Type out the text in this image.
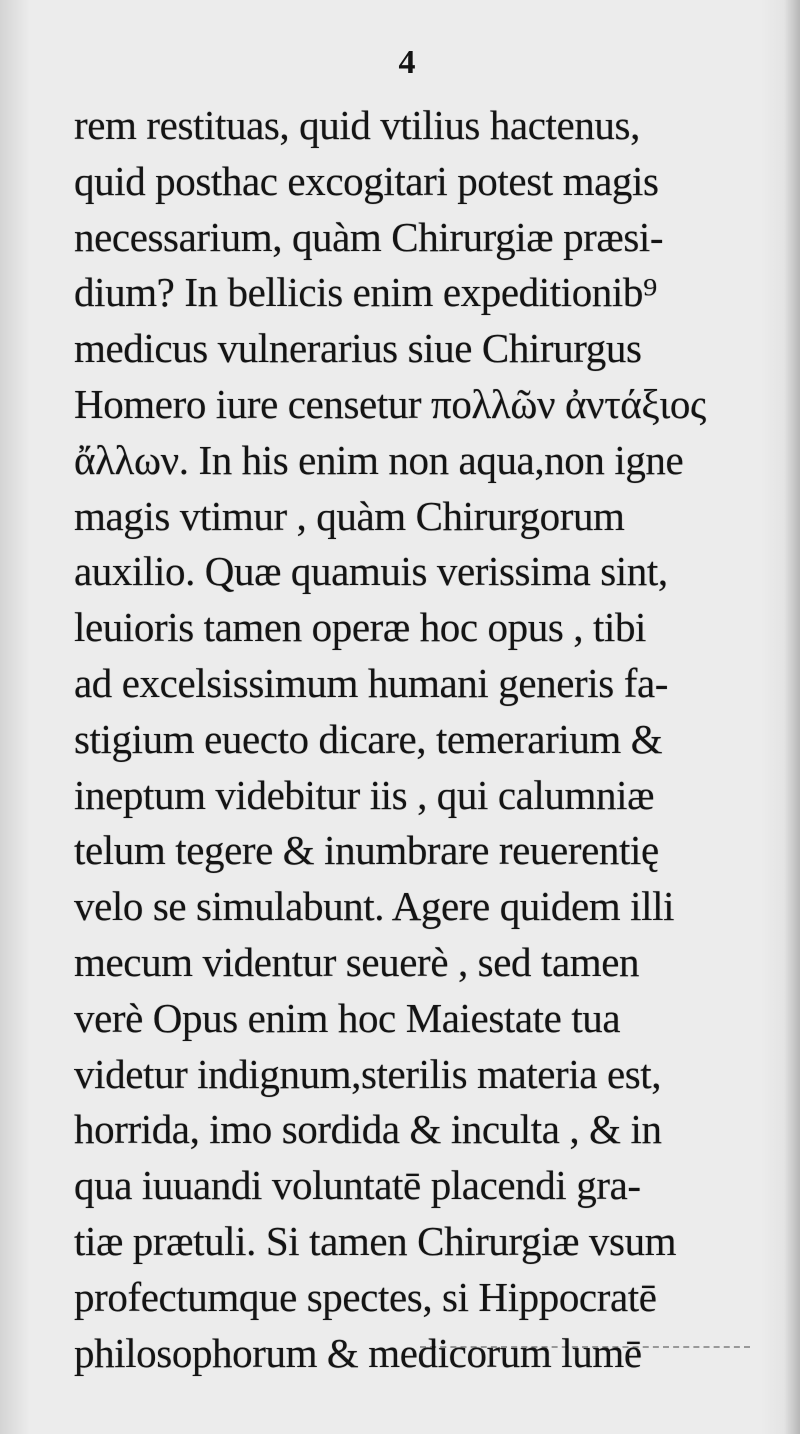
4
rem restituas, quid vtilius hactenus,
quid posthac excogitari potest magis
necessarium, quàm Chirurgiæ præsi-
dium? In bellicis enim expeditionib⁹
medicus vulnerarius siue Chirurgus
Homero iure censetur πολλῶν ἀντάξιος
ἄλλων. In his enim non aqua,non igne
magis vtimur , quàm Chirurgorum
auxilio. Quæ quamuis verissima sint,
leuioris tamen operæ hoc opus , tibi
ad excelsissimum humani generis fa-
stigium euecto dicare, temerarium &
ineptum videbitur iis , qui calumniæ
telum tegere & inumbrare reuerentię
velo se simulabunt. Agere quidem illi
mecum videntur seuerè , sed tamen
verè Opus enim hoc Maiestate tua
videtur indignum,sterilis materia est,
horrida, imo sordida & inculta , & in
qua iuuandi voluntatē placendi gra-
tiæ prætuli. Si tamen Chirurgiæ vsum
profectumque spectes, si Hippocratē
philosophorum & medicorum lumē
